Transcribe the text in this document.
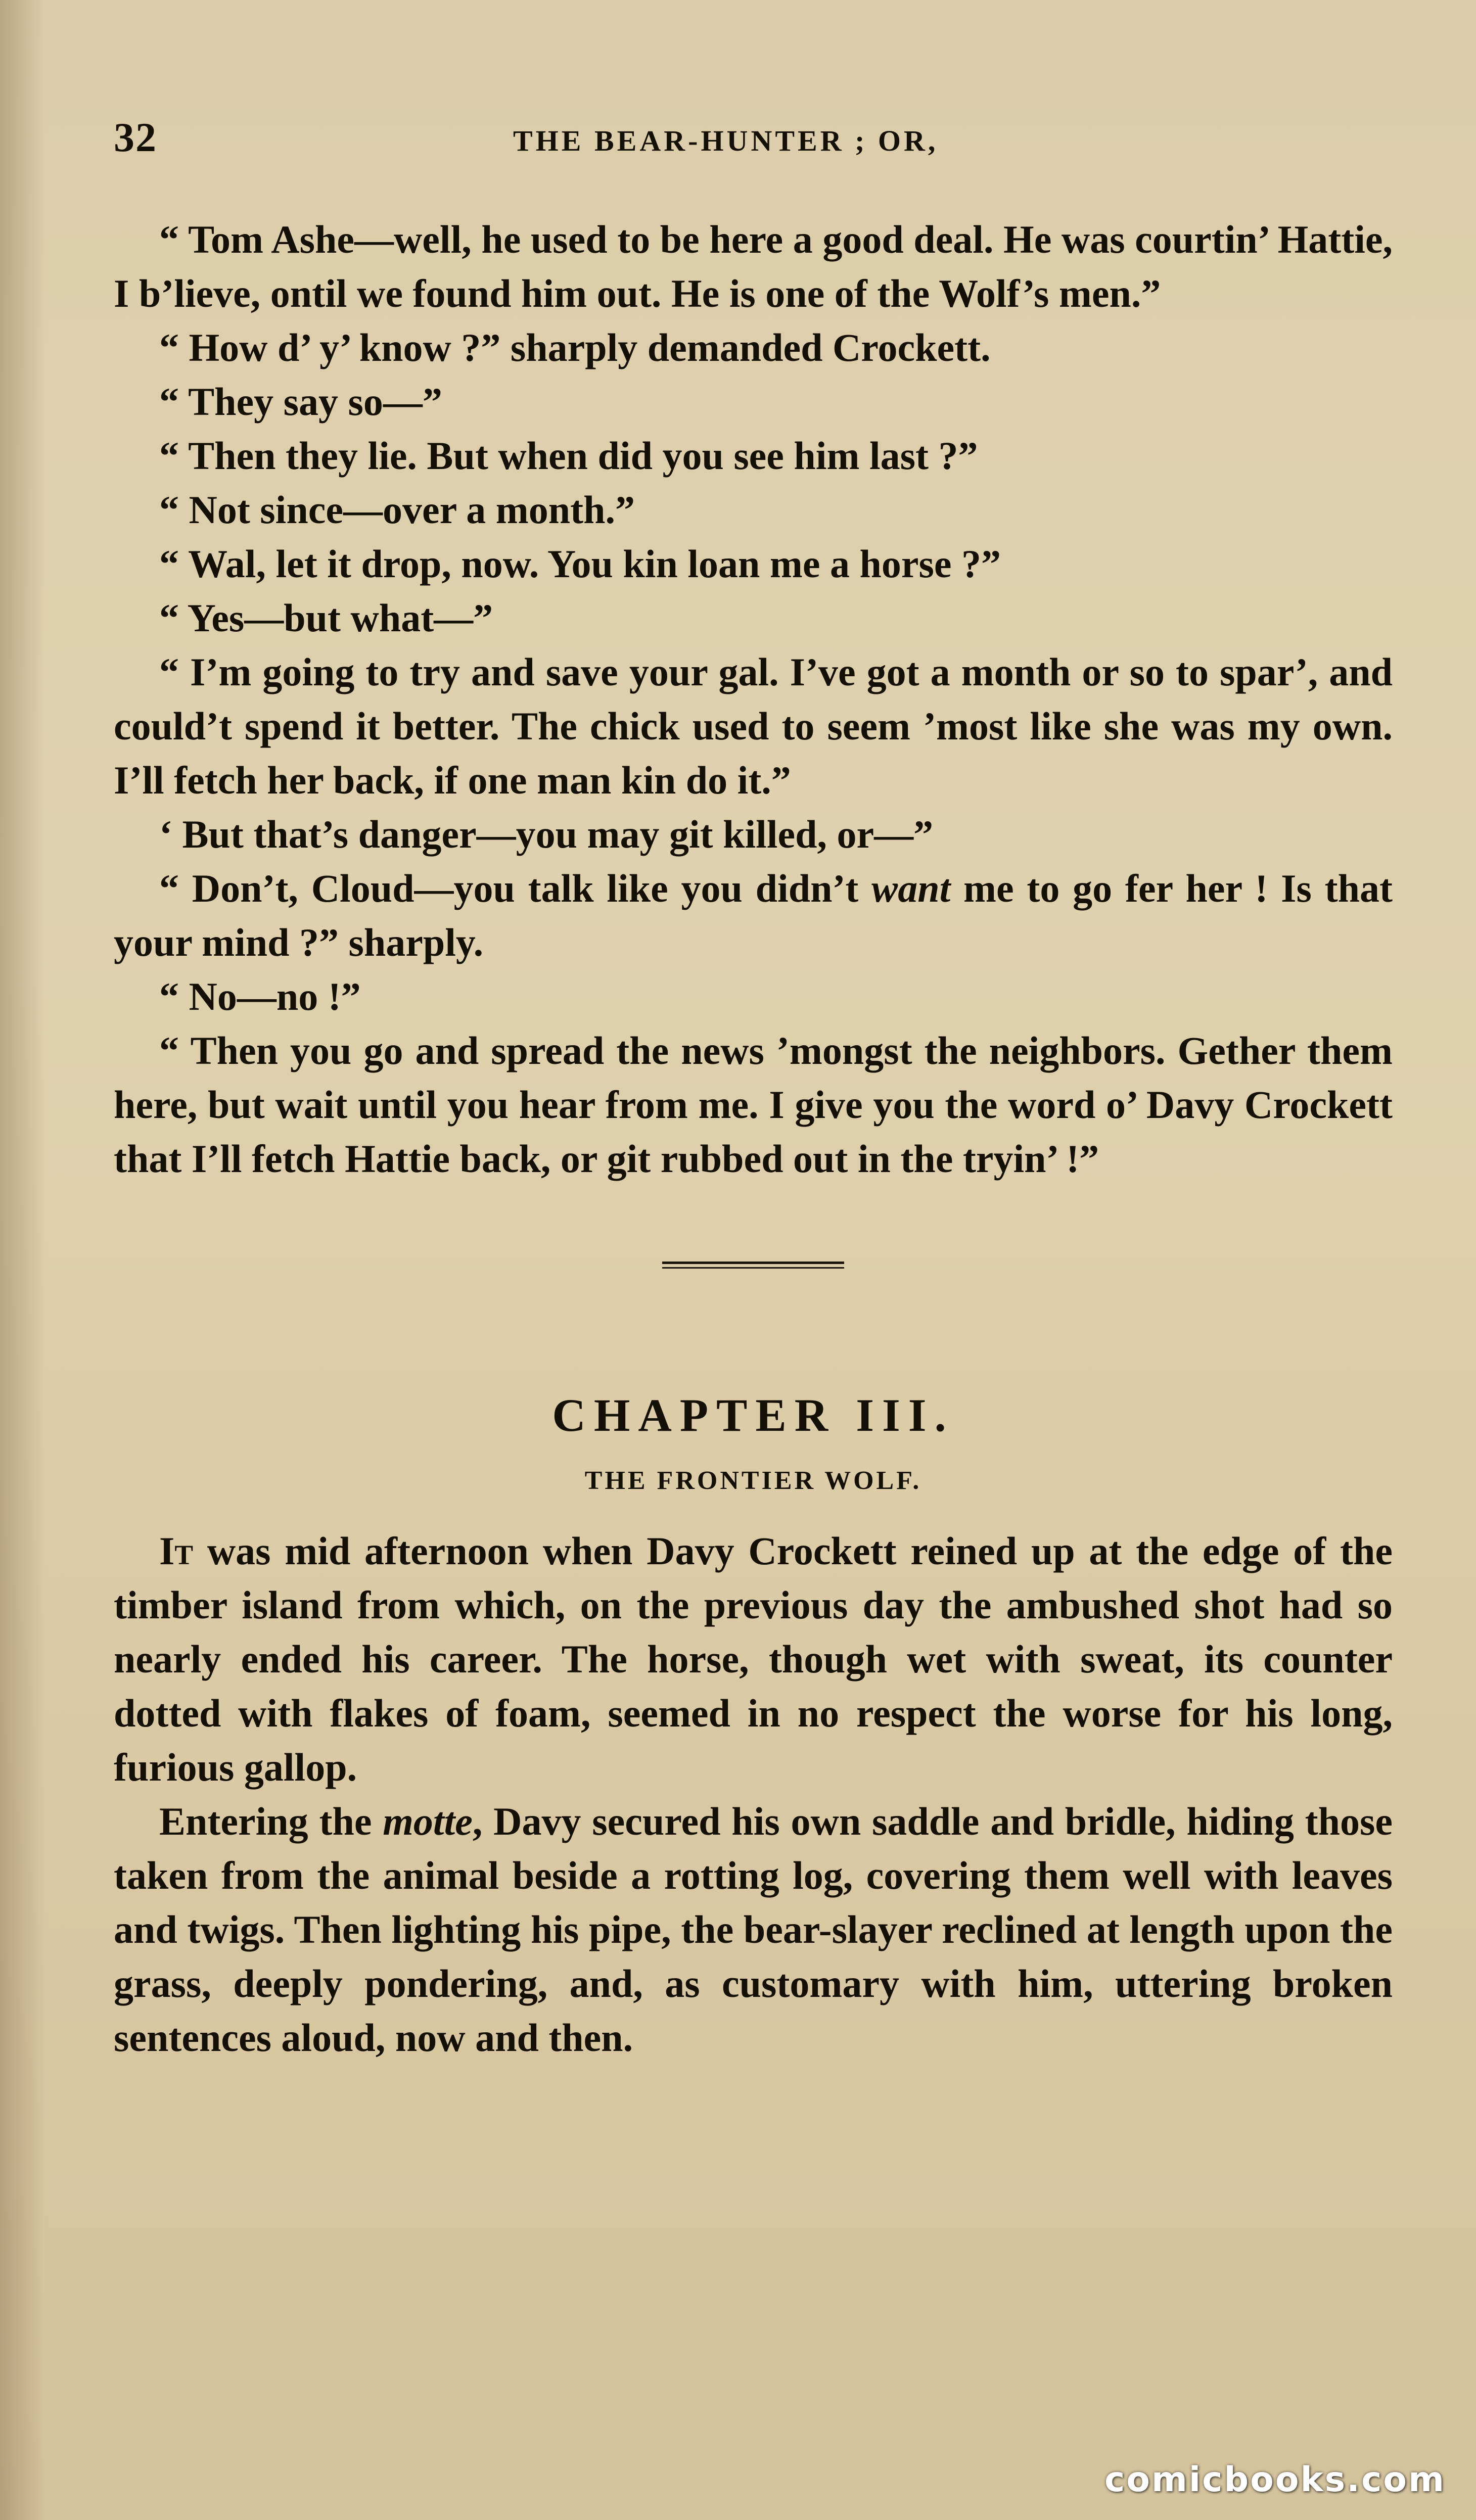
32	THE BEAR-HUNTER ; OR,

“ Tom Ashe—well, he used to be here a good deal. He was courtin’ Hattie, I b’lieve, ontil we found him out. He is one of the Wolf’s men.”

“ How d’ y’ know ?” sharply demanded Crockett.

“ They say so—”

“ Then they lie. But when did you see him last ?”

“ Not since—over a month.”

“ Wal, let it drop, now. You kin loan me a horse ?”

“ Yes—but what—”

“ I’m going to try and save your gal. I’ve got a month or so to spar’, and could’t spend it better. The chick used to seem ’most like she was my own. I’ll fetch her back, if one man kin do it.”

‘ But that’s danger—you may git killed, or—”

“ Don’t, Cloud—you talk like you didn’t want me to go fer her ! Is that your mind ?” sharply.

“ No—no !”

“ Then you go and spread the news ’mongst the neighbors. Gether them here, but wait until you hear from me. I give you the word o’ Davy Crockett that I’ll fetch Hattie back, or git rubbed out in the tryin’ !”

CHAPTER III.
THE FRONTIER WOLF.

It was mid afternoon when Davy Crockett reined up at the edge of the timber island from which, on the previous day the ambushed shot had so nearly ended his career. The horse, though wet with sweat, its counter dotted with flakes of foam, seemed in no respect the worse for his long, furious gallop.

Entering the motte, Davy secured his own saddle and bridle, hiding those taken from the animal beside a rotting log, covering them well with leaves and twigs. Then lighting his pipe, the bear-slayer reclined at length upon the grass, deeply pondering, and, as customary with him, uttering broken sentences aloud, now and then.

comicbooks.com
